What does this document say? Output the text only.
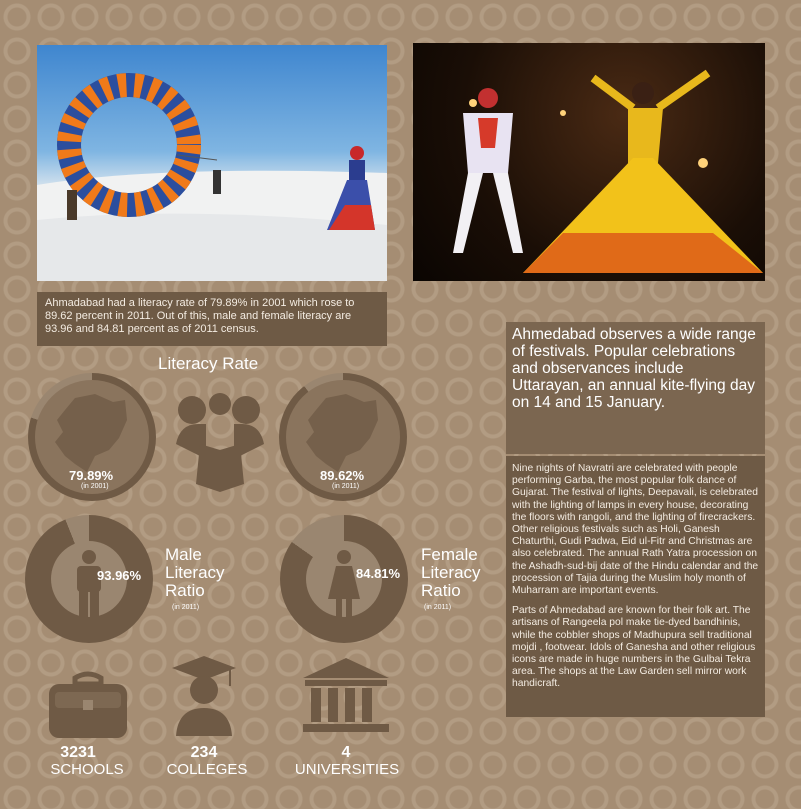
Ahmadabad had a literacy rate of 79.89% in 2001 which rose to 89.62 percent in 2011. Out of this, male and female literacy are 93.96 and 84.81 percent as of 2011 census.
Literacy Rate
79.89%
(in 2001)
89.62%
(in 2011)
93.96%
Male
Literacy
Ratio
(in 2011)
84.81%
Female
Literacy
Ratio
(in 2011)
3231
SCHOOLS
234
COLLEGES
4
UNIVERSITIES
Ahmedabad observes a wide range of festivals. Popular celebrations and observances include Uttarayan, an annual kite-flying day on 14 and 15 January.

Nine nights of Navratri are celebrated with people performing Garba, the most popular folk dance of Gujarat. The festival of lights, Deepavali, is celebrated with the lighting of lamps in every house, decorating the floors with rangoli, and the lighting of firecrackers. Other religious festivals such as Holi, Ganesh Chaturthi, Gudi Padwa, Eid ul-Fitr and Christmas are also celebrated. The annual Rath Yatra procession on the Ashadh-sud-bij date of the Hindu calendar and the procession of Tajia during the Muslim holy month of Muharram are important events.

Parts of Ahmedabad are known for their folk art. The artisans of Rangeela pol make tie-dyed bandhinis, while the cobbler shops of Madhupura sell traditional mojdi , footwear. Idols of Ganesha and other religious icons are made in huge numbers in the Gulbai Tekra area. The shops at the Law Garden sell mirror work handicraft.
